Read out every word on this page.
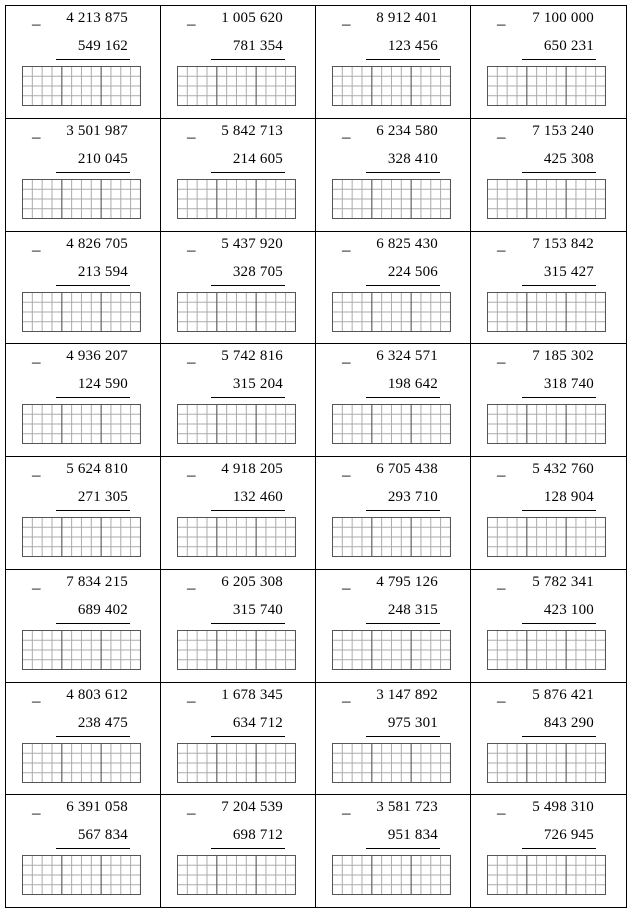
– 4 213 875
549 162
– 1 005 620
781 354
– 8 912 401
123 456
– 7 100 000
650 231
– 3 501 987
210 045
– 5 842 713
214 605
– 6 234 580
328 410
– 7 153 240
425 308
– 4 826 705
213 594
– 5 437 920
328 705
– 6 825 430
224 506
– 7 153 842
315 427
– 4 936 207
124 590
– 5 742 816
315 204
– 6 324 571
198 642
– 7 185 302
318 740
– 5 624 810
271 305
– 4 918 205
132 460
– 6 705 438
293 710
– 5 432 760
128 904
– 7 834 215
689 402
– 6 205 308
315 740
– 4 795 126
248 315
– 5 782 341
423 100
– 4 803 612
238 475
– 1 678 345
634 712
– 3 147 892
975 301
– 5 876 421
843 290
– 6 391 058
567 834
– 7 204 539
698 712
– 3 581 723
951 834
– 5 498 310
726 945
